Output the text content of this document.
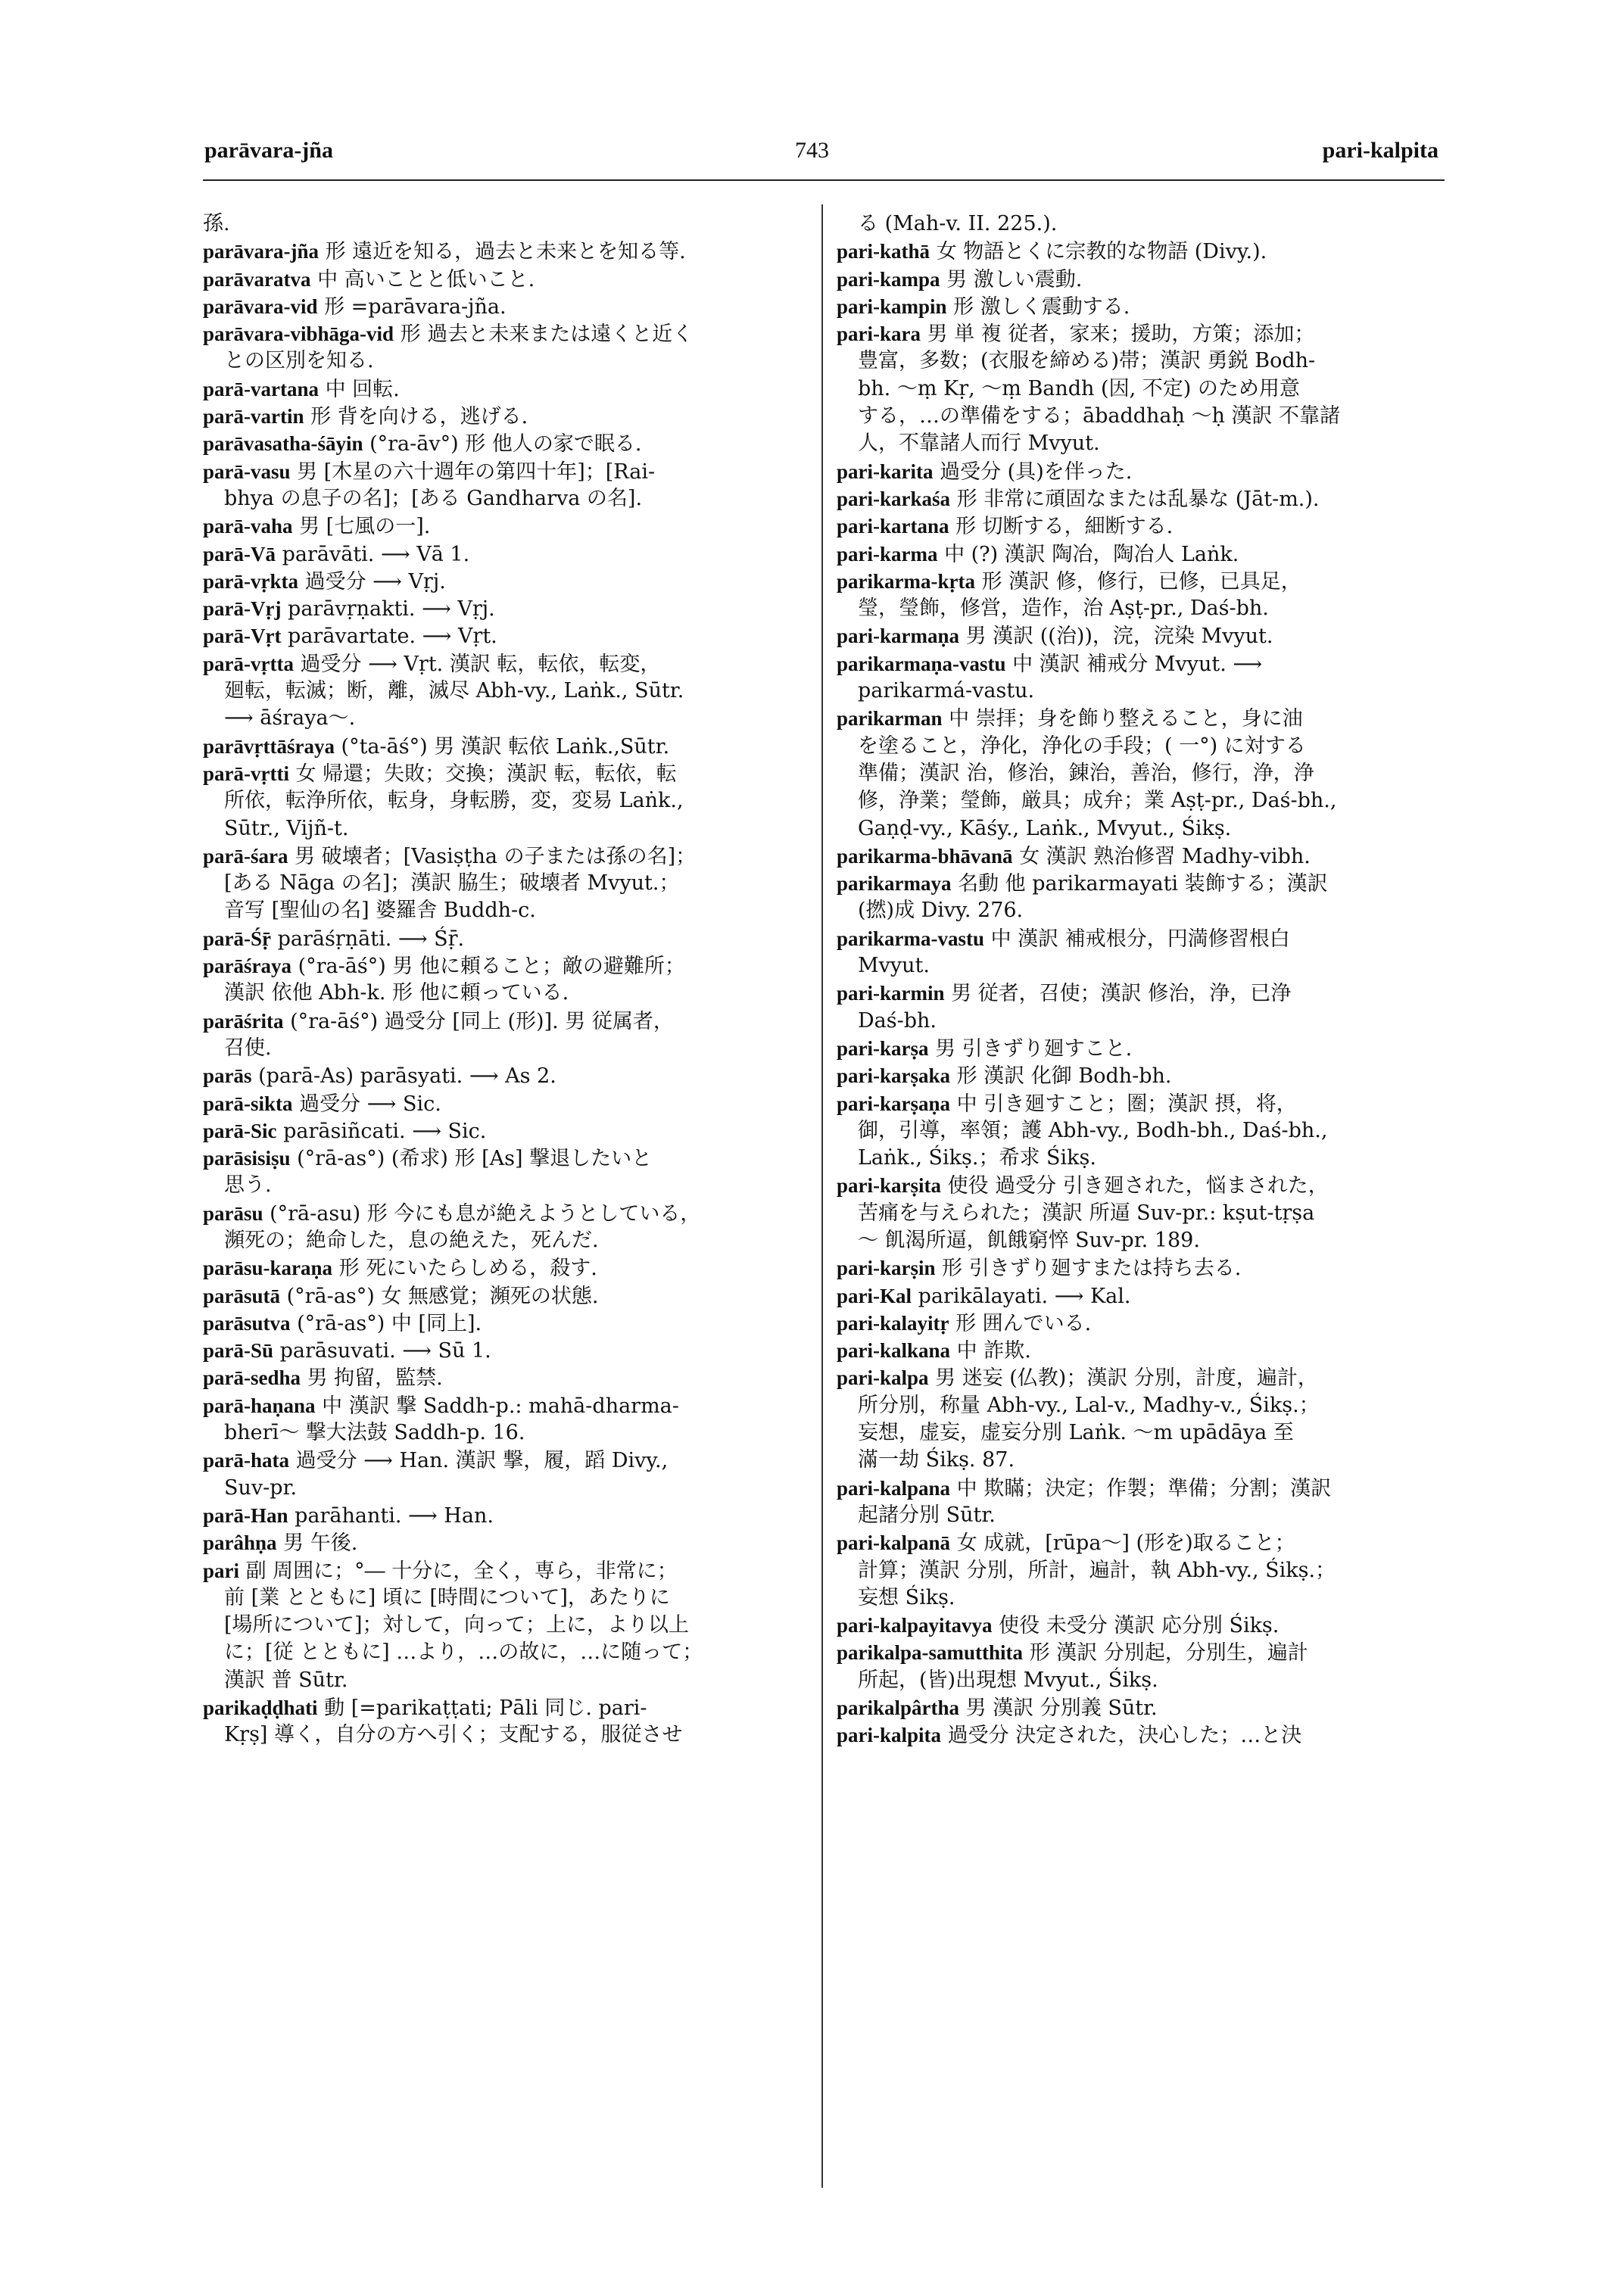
parāvara-jña	743	pari-kalpita
孫.
parāvara-jña 形 遠近を知る，過去と未来とを知る等.
parāvaratva 中 高いことと低いこと.
parāvara-vid 形 =parāvara-jña.
parāvara-vibhāga-vid 形 過去と未来または遠くと近く
との区別を知る.
parā-vartana 中 回転.
parā-vartin 形 背を向ける，逃げる.
parāvasatha-śāyin (°ra-āv°) 形 他人の家で眠る.
parā-vasu 男 [木星の六十週年の第四十年]；[Rai-
bhya の息子の名]；[ある Gandharva の名].
parā-vaha 男 [七風の一].
parā-Vā parāvāti. ⟶ Vā 1.
parā-vṛkta 過受分 ⟶ Vṛj.
parā-Vṛj parāvṛṇakti. ⟶ Vṛj.
parā-Vṛt parāvartate. ⟶ Vṛt.
parā-vṛtta 過受分 ⟶ Vṛt. 漢訳 転，転依，転変，
廻転，転滅；断，離，滅尽 Abh-vy., Laṅk., Sūtr.
⟶ āśraya～.
parāvṛttāśraya (°ta-āś°) 男 漢訳 転依 Laṅk.,Sūtr.
parā-vṛtti 女 帰還；失敗；交換；漢訳 転，転依，転
所依，転浄所依，転身，身転勝，変，変易 Laṅk.,
Sūtr., Vijñ-t.
parā-śara 男 破壊者；[Vasiṣṭha の子または孫の名]；
[ある Nāga の名]；漢訳 脇生；破壊者 Mvyut.；
音写 [聖仙の名] 婆羅舎 Buddh-c.
parā-Śṝ parāśṛṇāti. ⟶ Śṝ.
parāśraya (°ra-āś°) 男 他に頼ること；敵の避難所；
漢訳 依他 Abh-k. 形 他に頼っている.
parāśrita (°ra-āś°) 過受分 [同上 (形)]. 男 従属者，
召使.
parās (parā-As) parāsyati. ⟶ As 2.
parā-sikta 過受分 ⟶ Sic.
parā-Sic parāsiñcati. ⟶ Sic.
parāsisiṣu (°rā-as°) (希求) 形 [As] 撃退したいと
思う.
parāsu (°rā-asu) 形 今にも息が絶えようとしている，
瀕死の；絶命した，息の絶えた，死んだ.
parāsu-karaṇa 形 死にいたらしめる，殺す.
parāsutā (°rā-as°) 女 無感覚；瀕死の状態.
parāsutva (°rā-as°) 中 [同上].
parā-Sū parāsuvati. ⟶ Sū 1.
parā-sedha 男 拘留，監禁.
parā-haṇana 中 漢訳 撃 Saddh-p.: mahā-dharma-
bherī～ 撃大法鼓 Saddh-p. 16.
parā-hata 過受分 ⟶ Han. 漢訳 撃，履，蹈 Divy.,
Suv-pr.
parā-Han parāhanti. ⟶ Han.
parâhṇa 男 午後.
pari 副 周囲に；°― 十分に，全く，専ら，非常に；
前 [業 とともに] 頃に [時間について]，あたりに
[場所について]；対して，向って；上に，より以上
に；[従 とともに] …より，…の故に，…に随って；
漢訳 普 Sūtr.
parikaḍḍhati 動 [=parikaṭṭati; Pāli 同じ. pari-
Kṛṣ] 導く，自分の方へ引く；支配する，服従させ
る (Mah-v. II. 225.).
pari-kathā 女 物語とくに宗教的な物語 (Divy.).
pari-kampa 男 激しい震動.
pari-kampin 形 激しく震動する.
pari-kara 男 単 複 従者，家来；援助，方策；添加；
豊富，多数；(衣服を締める)帯；漢訳 勇鋭 Bodh-
bh. ～ṃ Kṛ, ～ṃ Bandh (因, 不定) のため用意
する，…の準備をする；ābaddhaḥ ～ḥ 漢訳 不靠諸
人，不靠諸人而行 Mvyut.
pari-karita 過受分 (具)を伴った.
pari-karkaśa 形 非常に頑固なまたは乱暴な (Jāt-m.).
pari-kartana 形 切断する，細断する.
pari-karma 中 (?) 漢訳 陶冶，陶冶人 Laṅk.
parikarma-kṛta 形 漢訳 修，修行，已修，已具足，
瑩，瑩飾，修営，造作，治 Aṣṭ-pr., Daś-bh.
pari-karmaṇa 男 漢訳 ((治))，浣，浣染 Mvyut.
parikarmaṇa-vastu 中 漢訳 補戒分 Mvyut. ⟶
parikarmá-vastu.
parikarman 中 崇拝；身を飾り整えること，身に油
を塗ること，浄化，浄化の手段；( 一°) に対する
準備；漢訳 治，修治，錬治，善治，修行，浄，浄
修，浄業；瑩飾，厳具；成弁；業 Aṣṭ-pr., Daś-bh.,
Gaṇḍ-vy., Kāśy., Laṅk., Mvyut., Śikṣ.
parikarma-bhāvanā 女 漢訳 熟治修習 Madhy-vibh.
parikarmaya 名動 他 parikarmayati 装飾する；漢訳
(撚)成 Divy. 276.
parikarma-vastu 中 漢訳 補戒根分，円満修習根白
Mvyut.
pari-karmin 男 従者，召使；漢訳 修治，浄，已浄
Daś-bh.
pari-karṣa 男 引きずり廻すこと.
pari-karṣaka 形 漢訳 化御 Bodh-bh.
pari-karṣaṇa 中 引き廻すこと；圏；漢訳 摂，将，
御，引導，率領；護 Abh-vy., Bodh-bh., Daś-bh.,
Laṅk., Śikṣ.；希求 Śikṣ.
pari-karṣita 使役 過受分 引き廻された，悩まされた，
苦痛を与えられた；漢訳 所逼 Suv-pr.: kṣut-tṛṣa
～ 飢渴所逼，飢餓窮悴 Suv-pr. 189.
pari-karṣin 形 引きずり廻すまたは持ち去る.
pari-Kal parikālayati. ⟶ Kal.
pari-kalayitṛ 形 囲んでいる.
pari-kalkana 中 詐欺.
pari-kalpa 男 迷妄 (仏教)；漢訳 分別，計度，遍計，
所分別，称量 Abh-vy., Lal-v., Madhy-v., Śikṣ.；
妄想，虚妄，虚妄分別 Laṅk. ～m upādāya 至
滿一劫 Śikṣ. 87.
pari-kalpana 中 欺瞞；決定；作製；準備；分割；漢訳
起諸分別 Sūtr.
pari-kalpanā 女 成就，[rūpa～] (形を)取ること；
計算；漢訳 分別，所計，遍計，執 Abh-vy., Śikṣ.；
妄想 Śikṣ.
pari-kalpayitavya 使役 未受分 漢訳 応分別 Śikṣ.
parikalpa-samutthita 形 漢訳 分別起，分別生，遍計
所起，(皆)出現想 Mvyut., Śikṣ.
parikalpârtha 男 漢訳 分別義 Sūtr.
pari-kalpita 過受分 決定された，決心した；…と決
